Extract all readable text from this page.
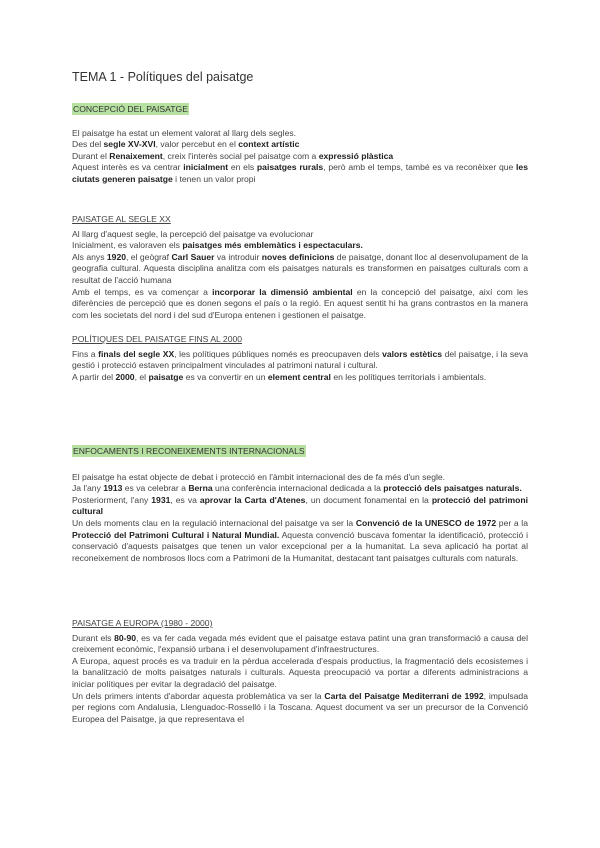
TEMA 1 - Polítiques del paisatge
CONCEPCIÓ DEL PAISATGE

El paisatge ha estat un element valorat al llarg dels segles.

Des del segle XV-XVI, valor percebut en el context artístic

Durant el Renaixement, creix l'interès social pel paisatge com a expressió plàstica

Aquest interès es va centrar inicialment en els paisatges rurals, però amb el temps, també es va reconèixer que les ciutats generen paisatge i tenen un valor propi

PAISATGE AL SEGLE XX

Al llarg d'aquest segle, la percepció del paisatge va evolucionar

Inicialment, es valoraven els paisatges més emblemàtics i espectaculars.

Als anys 1920, el geògraf Carl Sauer va introduir noves definicions de paisatge, donant lloc al desenvolupament de la geografia cultural. Aquesta disciplina analitza com els paisatges naturals es transformen en paisatges culturals com a resultat de l'acció humana

Amb el temps, es va començar a incorporar la dimensió ambiental en la concepció del paisatge, així com les diferències de percepció que es donen segons el país o la regió. En aquest sentit hi ha grans contrastos en la manera com les societats del nord i del sud d'Europa entenen i gestionen el paisatge.

POLÍTIQUES DEL PAISATGE FINS AL 2000

Fins a finals del segle XX, les polítiques públiques només es preocupaven dels valors estètics del paisatge, i la seva gestió i protecció estaven principalment vinculades al patrimoni natural i cultural.

A partir del 2000, el paisatge es va convertir en un element central en les polítiques territorials i ambientals.

ENFOCAMENTS I RECONEIXEMENTS INTERNACIONALS

El paisatge ha estat objecte de debat i protecció en l'àmbit internacional des de fa més d'un segle.

Ja l'any 1913 es va celebrar a Berna una conferència internacional dedicada a la protecció dels paisatges naturals.

Posteriorment, l'any 1931, es va aprovar la Carta d'Atenes, un document fonamental en la protecció del patrimoni cultural

Un dels moments clau en la regulació internacional del paisatge va ser la Convenció de la UNESCO de 1972 per a la Protecció del Patrimoni Cultural i Natural Mundial. Aquesta convenció buscava fomentar la identificació, protecció i conservació d'aquests paisatges que tenen un valor excepcional per a la humanitat. La seva aplicació ha portat al reconeixement de nombrosos llocs com a Patrimoni de la Humanitat, destacant tant paisatges culturals com naturals.

PAISATGE A EUROPA (1980 - 2000)

Durant els 80-90, es va fer cada vegada més evident que el paisatge estava patint una gran transformació a causa del creixement econòmic, l'expansió urbana i el desenvolupament d'infraestructures.

A Europa, aquest procés es va traduir en la pèrdua accelerada d'espais productius, la fragmentació dels ecosistemes i la banalització de molts paisatges naturals i culturals. Aquesta preocupació va portar a diferents administracions a iniciar polítiques per evitar la degradació del paisatge.

Un dels primers intents d'abordar aquesta problemàtica va ser la Carta del Paisatge Mediterrani de 1992, impulsada per regions com Andalusia, Llenguadoc-Rosselló i la Toscana. Aquest document va ser un precursor de la Convenció Europea del Paisatge, ja que representava el
